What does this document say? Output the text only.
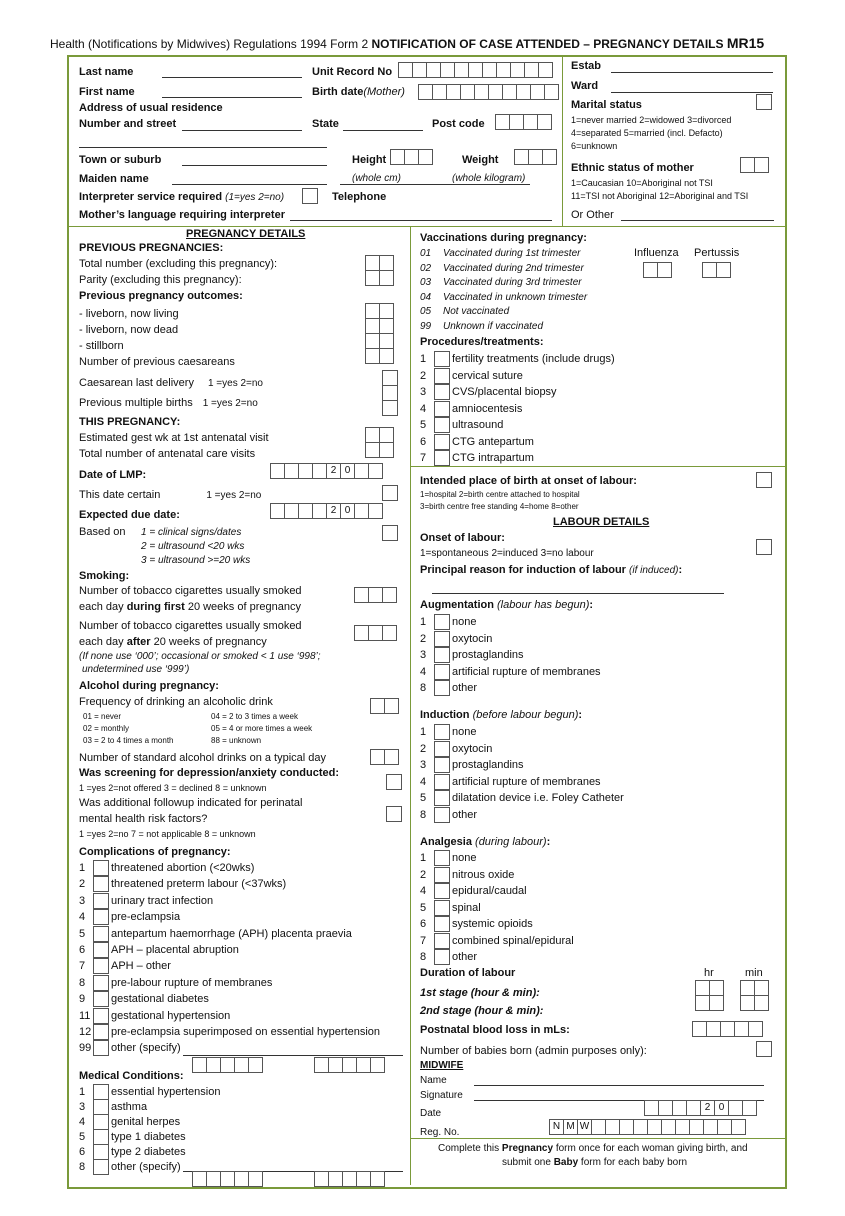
Health (Notifications by Midwives) Regulations 1994 Form 2 NOTIFICATION OF CASE ATTENDED – PREGNANCY DETAILS MR15
Last name
First name
Address of usual residence
Number and street
Town or suburb
Maiden name
Interpreter service required (1=yes 2=no)
Mother’s language requiring interpreter
Unit Record No
Birth date(Mother)
State	Post code
Height	Weight
(whole cm)	(whole kilogram)
Telephone
Estab
Ward
Marital status
1=never married 2=widowed 3=divorced
4=separated 5=married (incl. Defacto)
6=unknown
Ethnic status of mother
1=Caucasian 10=Aboriginal not TSI
11=TSI not Aboriginal 12=Aboriginal and TSI
Or Other
PREGNANCY DETAILS
PREVIOUS PREGNANCIES:
Total number (excluding this pregnancy):
Parity (excluding this pregnancy):
Previous pregnancy outcomes:
- liveborn, now living
- liveborn, now dead
- stillborn
Number of previous caesareans
Caesarean last delivery 1 =yes 2=no
Previous multiple births 1 =yes 2=no
THIS PREGNANCY:
Estimated gest wk at 1st antenatal visit
Total number of antenatal care visits
Date of LMP:	2 0
This date certain	1 =yes 2=no
Expected due date:	2 0
Based on 1 = clinical signs/dates
2 = ultrasound <20 wks
3 = ultrasound >=20 wks
Smoking:
Number of tobacco cigarettes usually smoked
each day during first 20 weeks of pregnancy
Number of tobacco cigarettes usually smoked
each day after 20 weeks of pregnancy
(If none use ‘000’; occasional or smoked < 1 use ‘998’;
undetermined use ‘999’)
Alcohol during pregnancy:
Frequency of drinking an alcoholic drink
01 = never
02 = monthly
03 = 2 to 4 times a month
04 = 2 to 3 times a week
05 = 4 or more times a week
88 = unknown
Number of standard alcohol drinks on a typical day
Was screening for depression/anxiety conducted:
1 =yes 2=not offered 3 = declined 8 = unknown
Was additional followup indicated for perinatal
mental health risk factors?
1 =yes 2=no 7 = not applicable 8 = unknown
Complications of pregnancy:
1 threatened abortion (<20wks)
2 threatened preterm labour (<37wks)
3 urinary tract infection
4 pre-eclampsia
5 antepartum haemorrhage (APH) placenta praevia
6 APH – placental abruption
7 APH – other
8 pre-labour rupture of membranes
9 gestational diabetes
11 gestational hypertension
12 pre-eclampsia superimposed on essential hypertension
99 other (specify)
Medical Conditions:
1 essential hypertension
3 asthma
4 genital herpes
5 type 1 diabetes
6 type 2 diabetes
8 other (specify)
Vaccinations during pregnancy:
Influenza Pertussis
01 Vaccinated during 1st trimester
02 Vaccinated during 2nd trimester
03 Vaccinated during 3rd trimester
04 Vaccinated in unknown trimester
05 Not vaccinated
99 Unknown if vaccinated
Procedures/treatments:
1 fertility treatments (include drugs)
2 cervical suture
3 CVS/placental biopsy
4 amniocentesis
5 ultrasound
6 CTG antepartum
7 CTG intrapartum
Intended place of birth at onset of labour:
1=hospital 2=birth centre attached to hospital
3=birth centre free standing 4=home 8=other
LABOUR DETAILS
Onset of labour:
1=spontaneous 2=induced 3=no labour
Principal reason for induction of labour (if induced):
Augmentation (labour has begun):
1 none
2 oxytocin
3 prostaglandins
4 artificial rupture of membranes
8 other
Induction (before labour begun):
1 none
2 oxytocin
3 prostaglandins
4 artificial rupture of membranes
5 dilatation device i.e. Foley Catheter
8 other
Analgesia (during labour):
1 none
2 nitrous oxide
4 epidural/caudal
5 spinal
6 systemic opioids
7 combined spinal/epidural
8 other
Duration of labour	hr	min
1st stage (hour & min):
2nd stage (hour & min):
Postnatal blood loss in mLs:
Number of babies born (admin purposes only):
MIDWIFE
Name
Signature
Date
2 0
Reg. No.
N M W
Complete this Pregnancy form once for each woman giving birth, and
submit one Baby form for each baby born
